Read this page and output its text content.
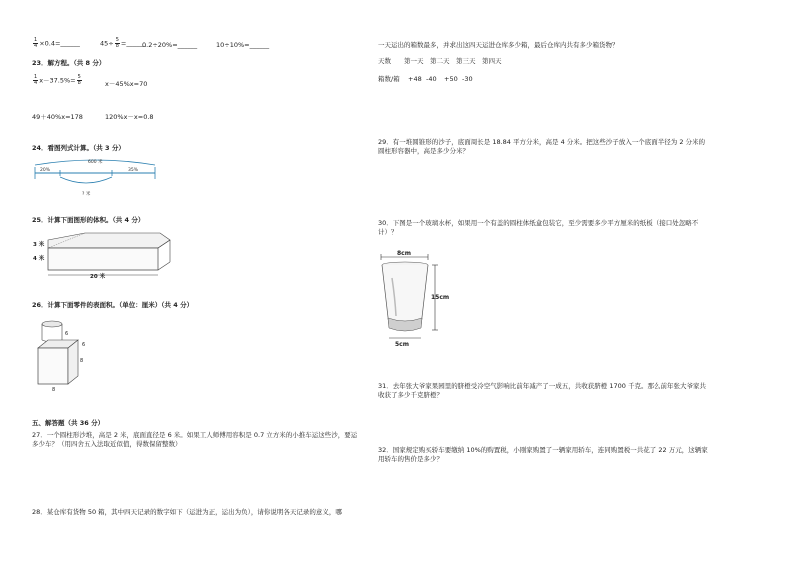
$\frac{1}{4}$ ×0.4=______	$45\div \frac{5}{8}$ =______
0.2÷20%=______	10÷10%=______
23．解方程。（共 8 分）
$\frac{1}{4} x-37.5\%= \frac{5}{8}$	x－45%x=70
49＋40%x=178	120%x－x=0.8
24．看图列式计算。（共 3 分）
600 米
20%	35%
? 米
25．计算下面图形的体积。（共 4 分）
3 米
4 米
20 米
26．计算下面零件的表面积。（单位：厘米）（共 4 分）
6
6
8
8
五、解答题（共 36 分）
27．一个圆柱形沙堆，高是 2 米，底面直径是 6 米。如果工人师傅用容积是 0.7 立方米的小推车运这些沙，要运多少车？（用四舍五入法取近似值，得数保留整数）
28．某仓库有货物 50 箱，其中四天记录的数字如下（运进为正，运出为负），请你说明各天记录的意义，哪
一天运出的箱数最多，并求出这四天运进仓库多少箱，最后仓库内共有多少箱货物？
天数 第一天 第二天 第三天 第四天
箱数/箱 +48 -40 +50 -30
29．有一堆圆锥形的沙子，底面周长是 18.84 平方分米，高是 4 分米。把这些沙子放入一个底面半径为 2 分米的圆柱形容器中，高是多少分米？
30．下图是一个玻璃水杯，如果用一个有盖的圆柱体纸盒包装它，至少需要多少平方厘米的纸板（接口处忽略不计）？
8cm
15cm
5cm
31．去年张大爷家果园里的脐橙受冷空气影响比前年减产了一成五，共收获脐橙 1700 千克。那么前年张大爷家共收获了多少千克脐橙？
32．国家规定购买轿车要缴纳 10%的购置税，小刚家购置了一辆家用轿车，连同购置税一共花了 22 万元，这辆家用轿车的售价是多少？
